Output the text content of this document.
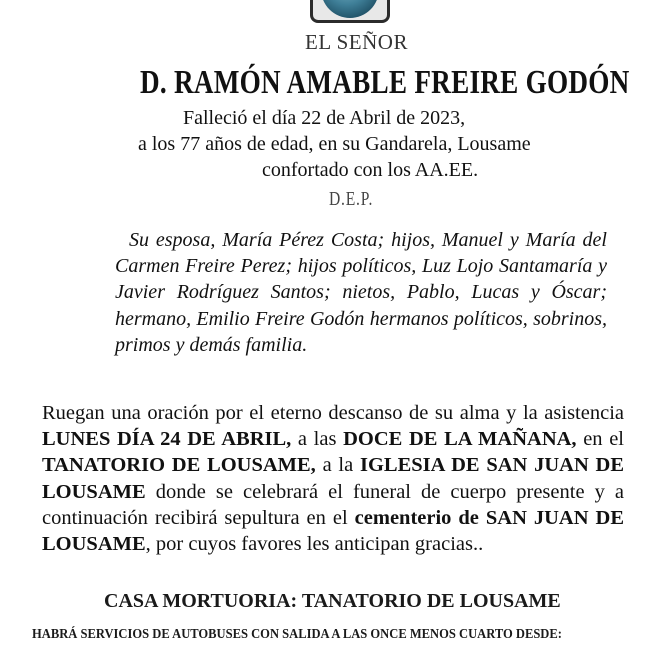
EL SEÑOR

D. RAMÓN AMABLE FREIRE GODÓN

Falleció el día 22 de Abril de 2023,

a los 77 años de edad, en su Gandarela, Lousame

confortado con los AA.EE.

D.E.P.

Su esposa, María Pérez Costa; hijos, Manuel y María del Carmen Freire Perez; hijos políticos, Luz Lojo Santamaría y Javier Rodríguez Santos; nietos, Pablo, Lucas y Óscar; hermano, Emilio Freire Godón hermanos políticos, sobrinos, primos y demás familia.

Ruegan una oración por el eterno descanso de su alma y la asistencia LUNES DÍA 24 DE ABRIL, a las DOCE DE LA MAÑANA, en el TANATORIO DE LOUSAME, a la IGLESIA DE SAN JUAN DE LOUSAME donde se celebrará el funeral de cuerpo presente y a continuación recibirá sepultura en el cementerio de SAN JUAN DE LOUSAME, por cuyos favores les anticipan gracias..

CASA MORTUORIA: TANATORIO DE LOUSAME

HABRÁ SERVICIOS DE AUTOBUSES CON SALIDA A LAS ONCE MENOS CUARTO DESDE:
